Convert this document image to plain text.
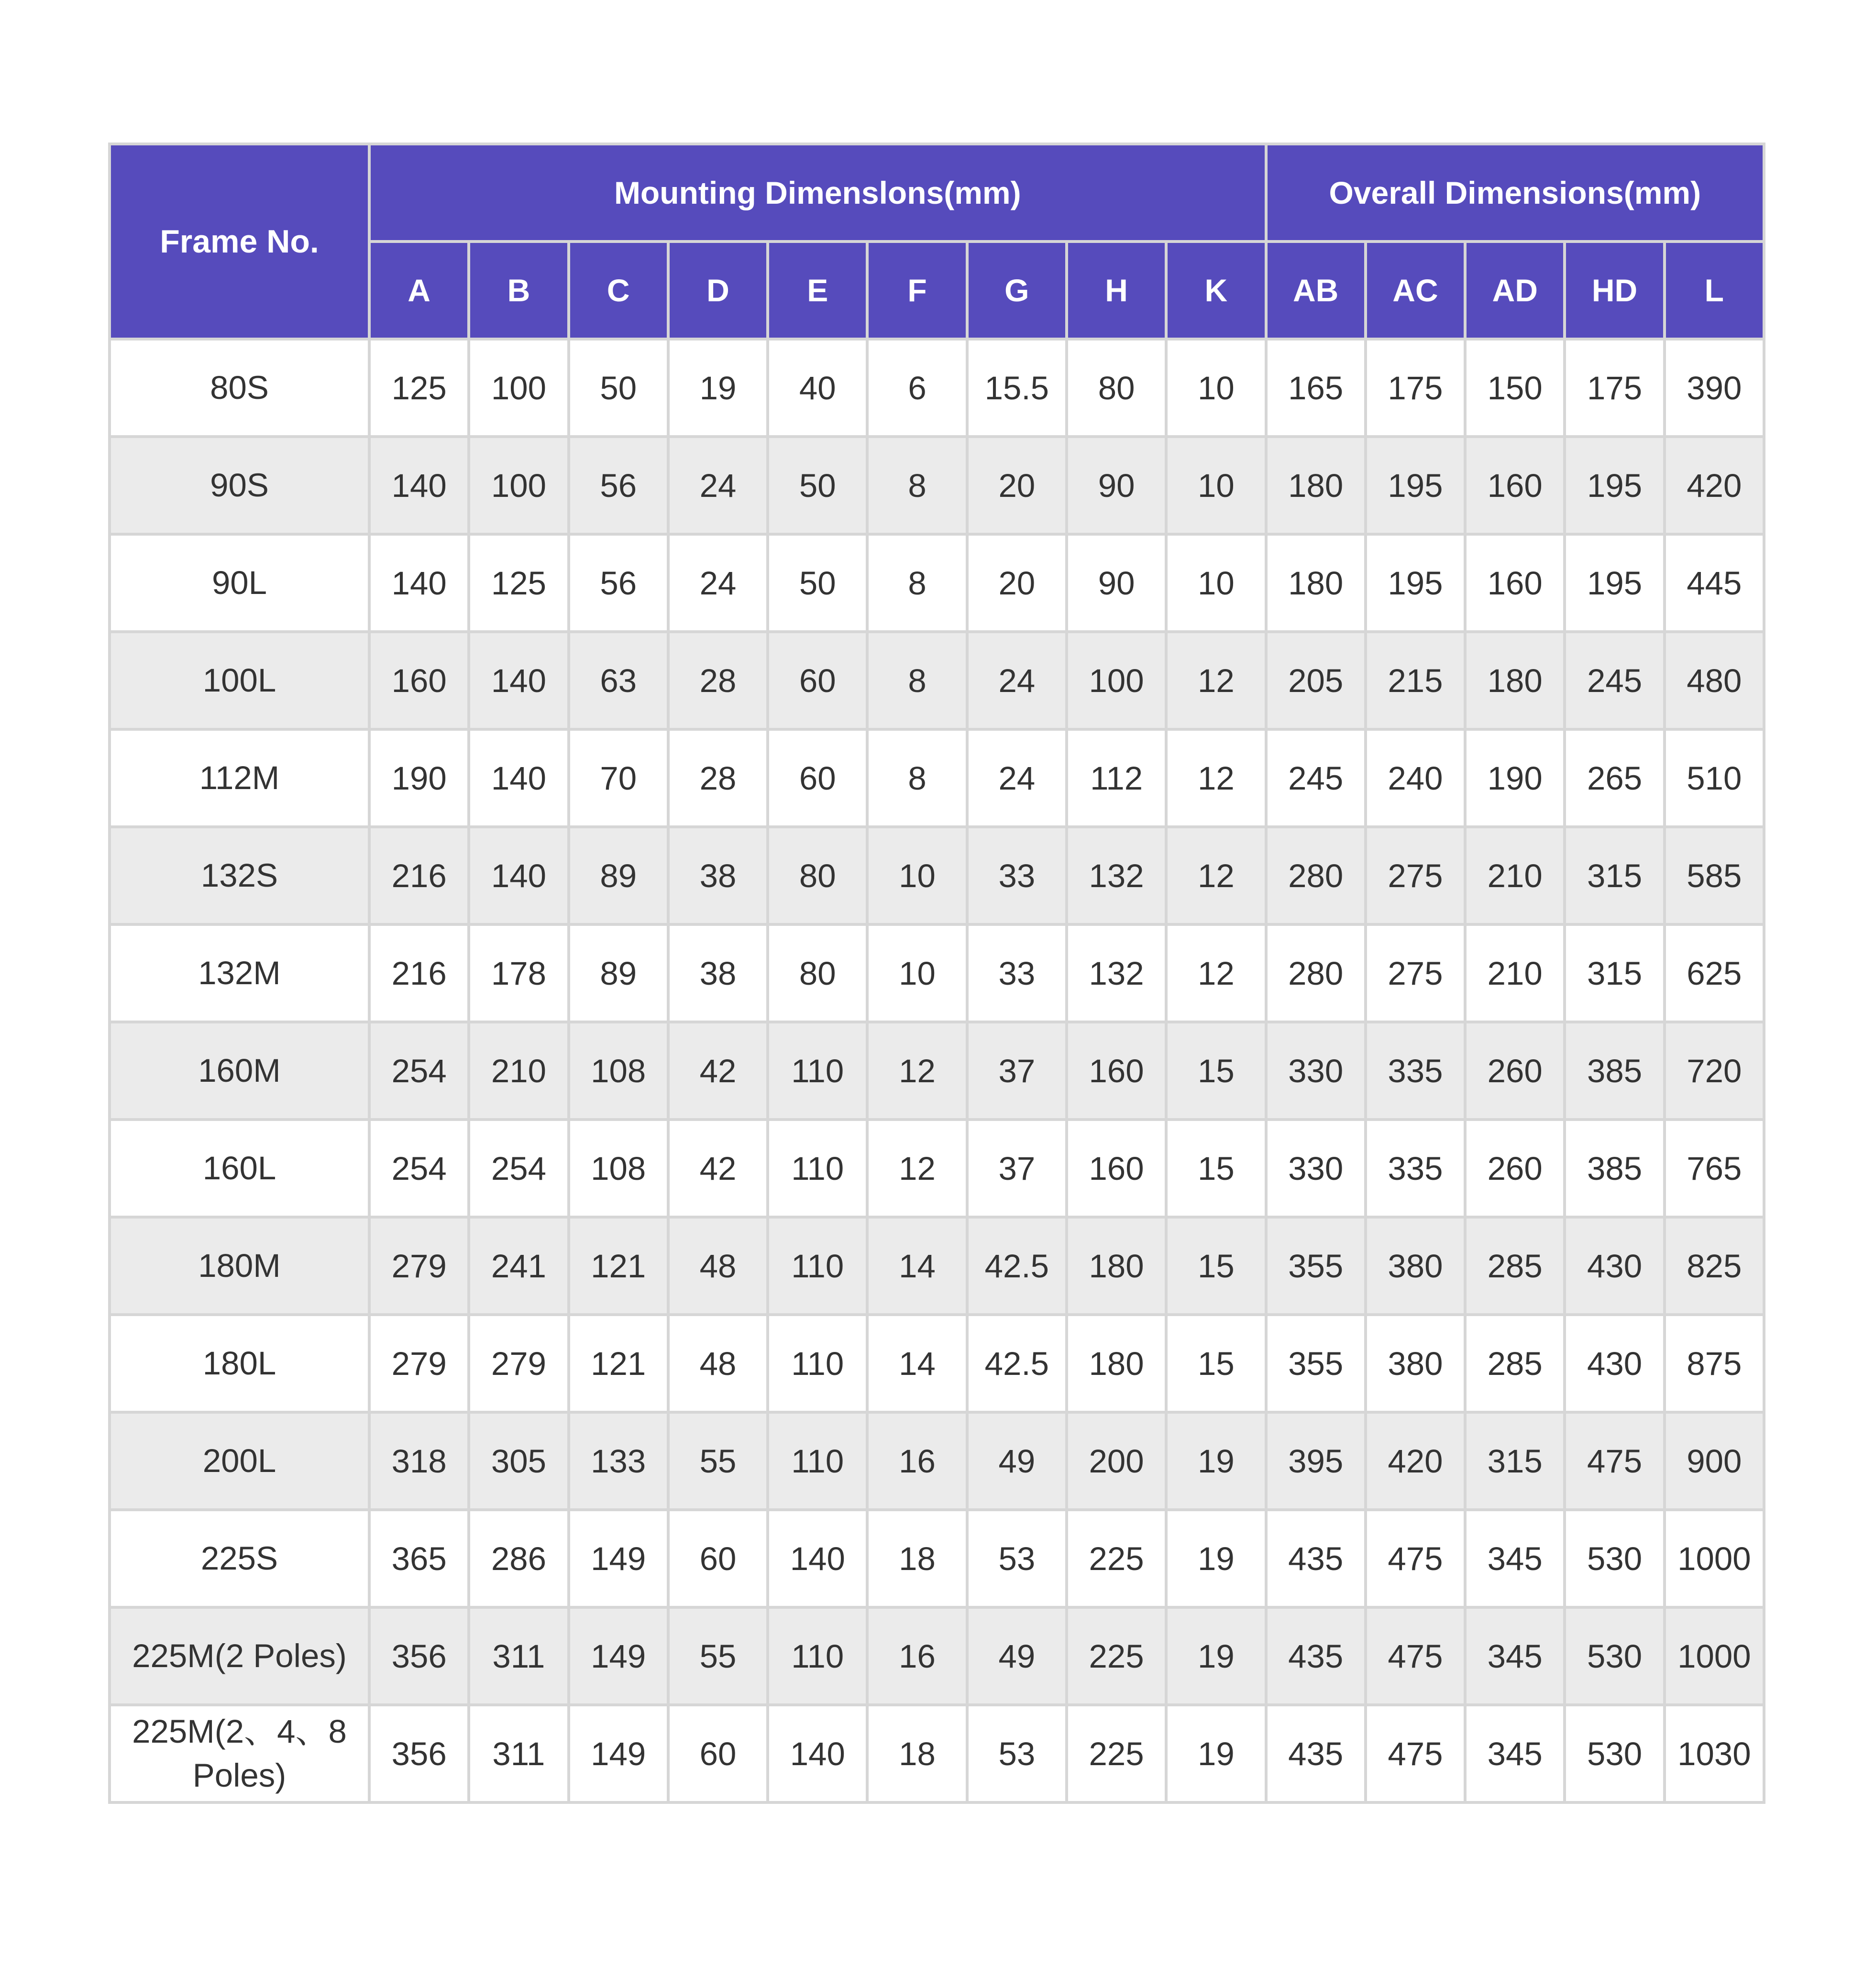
Frame No.	Mounting Dimenslons(mm)									Overall Dimensions(mm)				
	A	B	C	D	E	F	G	H	K	AB	AC	AD	HD	L
80S	125	100	50	19	40	6	15.5	80	10	165	175	150	175	390
90S	140	100	56	24	50	8	20	90	10	180	195	160	195	420
90L	140	125	56	24	50	8	20	90	10	180	195	160	195	445
100L	160	140	63	28	60	8	24	100	12	205	215	180	245	480
112M	190	140	70	28	60	8	24	112	12	245	240	190	265	510
132S	216	140	89	38	80	10	33	132	12	280	275	210	315	585
132M	216	178	89	38	80	10	33	132	12	280	275	210	315	625
160M	254	210	108	42	110	12	37	160	15	330	335	260	385	720
160L	254	254	108	42	110	12	37	160	15	330	335	260	385	765
180M	279	241	121	48	110	14	42.5	180	15	355	380	285	430	825
180L	279	279	121	48	110	14	42.5	180	15	355	380	285	430	875
200L	318	305	133	55	110	16	49	200	19	395	420	315	475	900
225S	365	286	149	60	140	18	53	225	19	435	475	345	530	1000
225M(2 Poles)	356	311	149	55	110	16	49	225	19	435	475	345	530	1000
225M(2、4、8 Poles)	356	311	149	60	140	18	53	225	19	435	475	345	530	1030
